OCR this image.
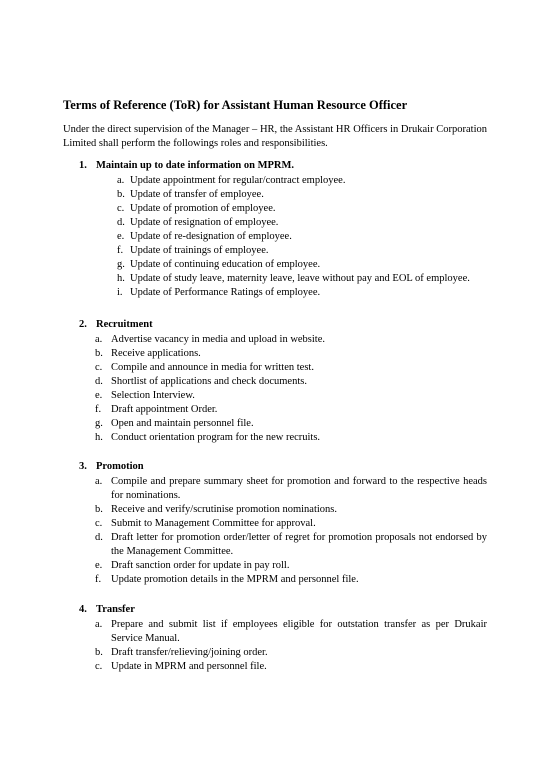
Terms of Reference (ToR) for Assistant Human Resource Officer
Under the direct supervision of the Manager – HR, the Assistant HR Officers in Drukair Corporation Limited shall perform the followings roles and responsibilities.
1. Maintain up to date information on MPRM.
a. Update appointment for regular/contract employee.
b. Update of transfer of employee.
c. Update of promotion of employee.
d. Update of resignation of employee.
e. Update of re-designation of employee.
f. Update of trainings of employee.
g. Update of continuing education of employee.
h. Update of study leave, maternity leave, leave without pay and EOL of employee.
i. Update of Performance Ratings of employee.
2. Recruitment
a. Advertise vacancy in media and upload in website.
b. Receive applications.
c. Compile and announce in media for written test.
d. Shortlist of applications and check documents.
e. Selection Interview.
f. Draft appointment Order.
g. Open and maintain personnel file.
h. Conduct orientation program for the new recruits.
3. Promotion
a. Compile and prepare summary sheet for promotion and forward to the respective heads for nominations.
b. Receive and verify/scrutinise promotion nominations.
c. Submit to Management Committee for approval.
d. Draft letter for promotion order/letter of regret for promotion proposals not endorsed by the Management Committee.
e. Draft sanction order for update in pay roll.
f. Update promotion details in the MPRM and personnel file.
4. Transfer
a. Prepare and submit list if employees eligible for outstation transfer as per Drukair Service Manual.
b. Draft transfer/relieving/joining order.
c. Update in MPRM and personnel file.
